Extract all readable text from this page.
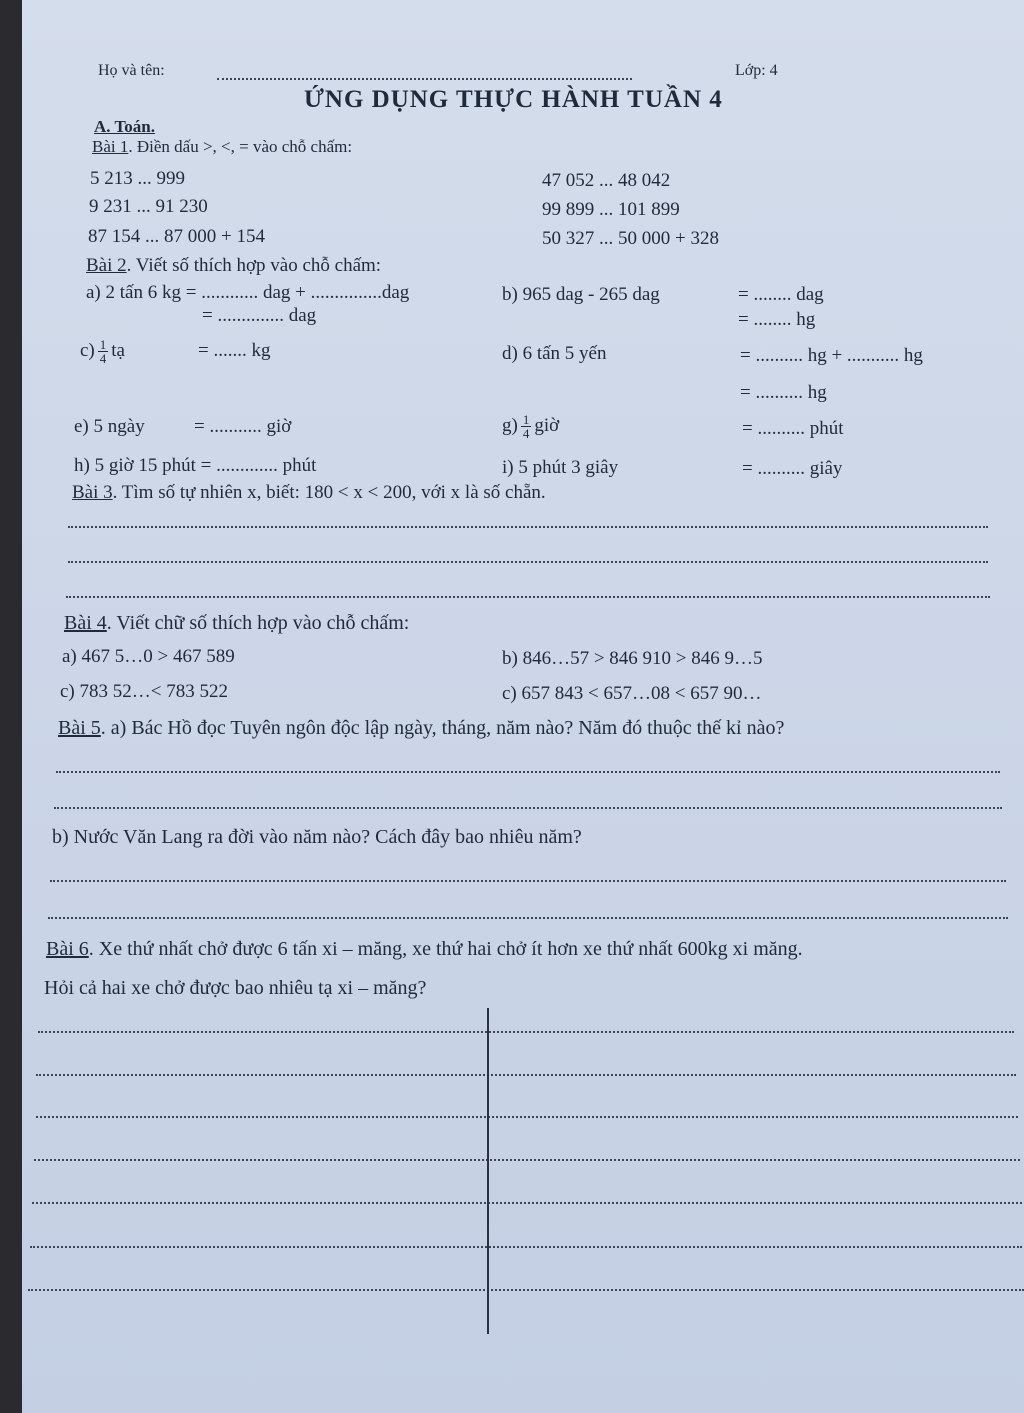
Họ và tên:	Lớp: 4
ỨNG DỤNG THỰC HÀNH TUẦN 4
A. Toán.
Bài 1. Điền dấu >, <, = vào chỗ chấm:
5 213 ... 999	47 052 ... 48 042
9 231 ... 91 230	99 899 ... 101 899
87 154 ... 87 000 + 154	50 327 ... 50 000 + 328
Bài 2. Viết số thích hợp vào chỗ chấm:
a) 2 tấn 6 kg = ............ dag + ...............dag
= .............. dag
b) 965 dag - 265 dag	= ........ dag
= ........ hg
$c) \frac{1}{4}$ tạ	= ....... kg	d) 6 tấn 5 yến	= .......... hg + ........... hg
= .......... hg
e) 5 ngày	= ........... giờ	$g) \frac{1}{4}$ giờ	= .......... phút
h) 5 giờ 15 phút = ............. phút	i) 5 phút 3 giây	= .......... giây
Bài 3. Tìm số tự nhiên x, biết: 180 < x < 200, với x là số chẵn.
Bài 4. Viết chữ số thích hợp vào chỗ chấm:
a) 467 5…0 > 467 589	b) 846…57 > 846 910 > 846 9…5
c) 783 52…< 783 522	c) 657 843 < 657…08 < 657 90…
Bài 5. a) Bác Hồ đọc Tuyên ngôn độc lập ngày, tháng, năm nào? Năm đó thuộc thế kỉ nào?
b) Nước Văn Lang ra đời vào năm nào? Cách đây bao nhiêu năm?
Bài 6. Xe thứ nhất chở được 6 tấn xi – măng, xe thứ hai chở ít hơn xe thứ nhất 600kg xi măng.
Hỏi cả hai xe chở được bao nhiêu tạ xi – măng?
